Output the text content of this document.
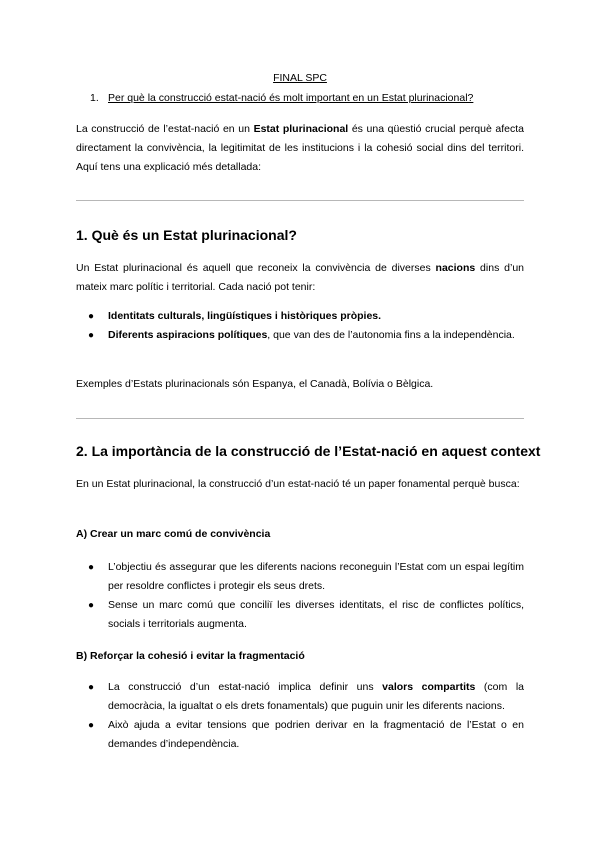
FINAL SPC
1. Per què la construcció estat-nació és molt important en un Estat plurinacional?

La construcció de l’estat-nació en un Estat plurinacional és una qüestió crucial perquè afecta directament la convivència, la legitimitat de les institucions i la cohesió social dins del territori. Aquí tens una explicació més detallada:

1. Què és un Estat plurinacional?

Un Estat plurinacional és aquell que reconeix la convivència de diverses nacions dins d’un mateix marc polític i territorial. Cada nació pot tenir:

● Identitats culturals, lingüístiques i històriques pròpies.
● Diferents aspiracions polítiques, que van des de l’autonomia fins a la independència.

Exemples d’Estats plurinacionals són Espanya, el Canadà, Bolívia o Bèlgica.

2. La importància de la construcció de l’Estat-nació en aquest context

En un Estat plurinacional, la construcció d’un estat-nació té un paper fonamental perquè busca:

A) Crear un marc comú de convivència
● L’objectiu és assegurar que les diferents nacions reconeguin l’Estat com un espai legítim per resoldre conflictes i protegir els seus drets.
● Sense un marc comú que conciliï les diverses identitats, el risc de conflictes polítics, socials i territorials augmenta.
B) Reforçar la cohesió i evitar la fragmentació
● La construcció d’un estat-nació implica definir uns valors compartits (com la democràcia, la igualtat o els drets fonamentals) que puguin unir les diferents nacions.
● Això ajuda a evitar tensions que podrien derivar en la fragmentació de l’Estat o en demandes d’independència.
